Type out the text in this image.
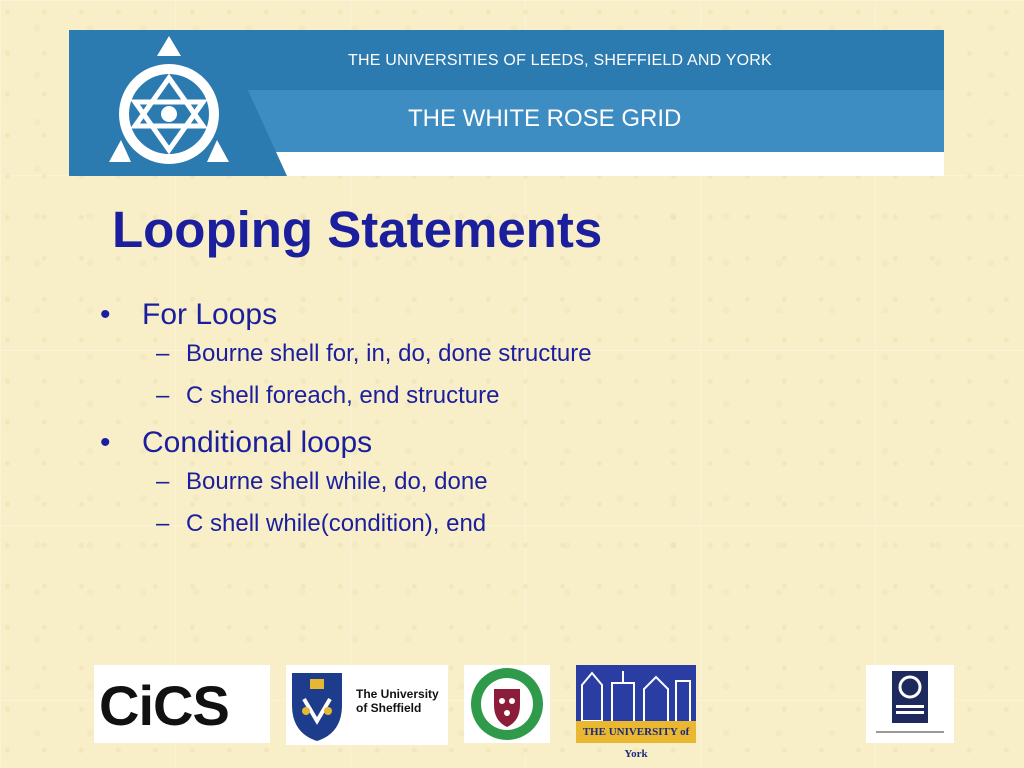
THE UNIVERSITIES OF LEEDS, SHEFFIELD AND YORK
THE WHITE ROSE GRID
Looping Statements
• For Loops
– Bourne shell for, in, do, done structure
– C shell foreach, end structure
• Conditional loops
– Bourne shell while, do, done
– C shell while(condition), end
CiCS	The University
of Sheffield
THE UNIVERSITY of York
